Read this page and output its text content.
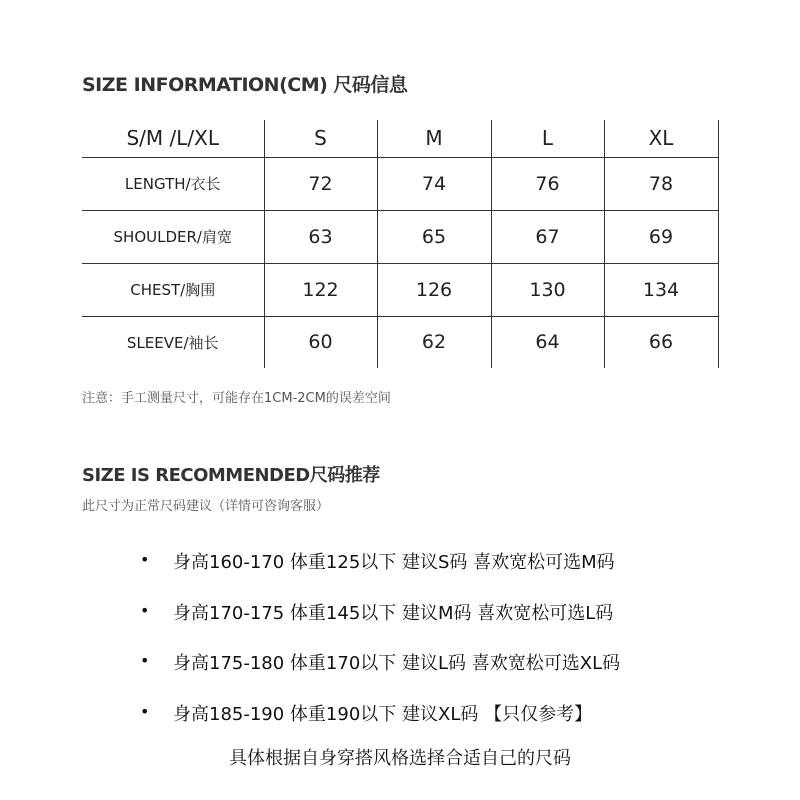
SIZE INFORMATION(CM) 尺码信息
S/M /L/XL	S	M	L	XL
LENGTH/衣长	72	74	76	78
SHOULDER/肩宽	63	65	67	69
CHEST/胸围	122	126	130	134
SLEEVE/袖长	60	62	64	66
注意：手工测量尺寸，可能存在1CM-2CM的误差空间
SIZE IS RECOMMENDED尺码推荐
此尺寸为正常尺码建议（详情可咨询客服）
•	身高160-170 体重125以下 建议S码 喜欢宽松可选M码
•	身高170-175 体重145以下 建议M码 喜欢宽松可选L码
•	身高175-180 体重170以下 建议L码 喜欢宽松可选XL码
•	身高185-190 体重190以下 建议XL码 【只仅参考】
具体根据自身穿搭风格选择合适自己的尺码
